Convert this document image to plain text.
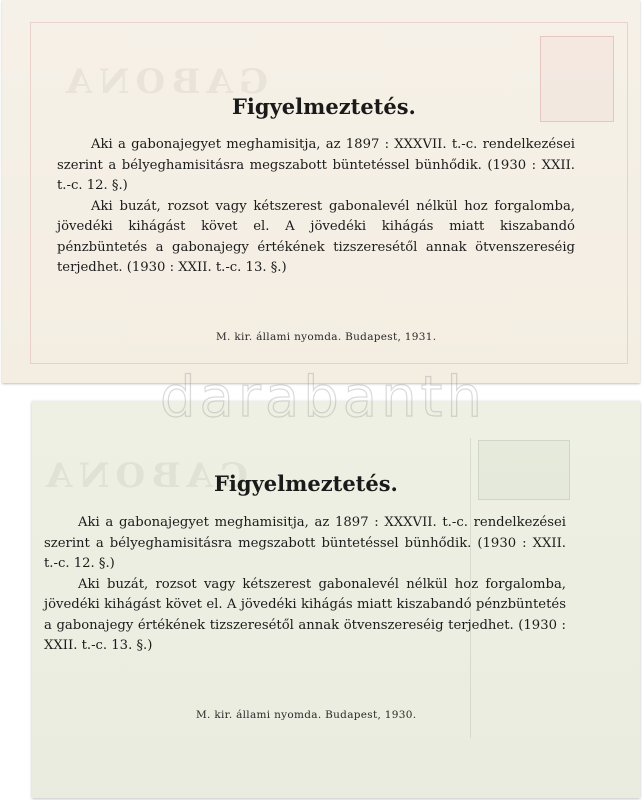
Figyelmeztetés.

Aki a gabonajegyet meghamisitja, az 1897 : XXXVII. t.-c. rendelkezései szerint a bélyeghamisitásra megszabott büntetéssel bünhődik. (1930 : XXII. t.-c. 12. §.)

Aki buzát, rozsot vagy kétszerest gabonalevél nélkül hoz forgalomba, jövedéki kihágást követ el. A jövedéki kihágás miatt kiszabandó pénzbüntetés a gabonajegy értékének tizszeresétől annak ötvenszereséig terjedhet. (1930 : XXII. t.-c. 13. §.)

M. kir. állami nyomda. Budapest, 1931.
Figyelmeztetés.

Aki a gabonajegyet meghamisitja, az 1897 : XXXVII. t.-c. rendelkezései szerint a bélyeghamisitásra megszabott büntetéssel bünhődik. (1930 : XXII. t.-c. 12. §.)

Aki buzát, rozsot vagy kétszerest gabonalevél nélkül hoz forgalomba, jövedéki kihágást követ el. A jövedéki kihágás miatt kiszabandó pénzbüntetés a gabonajegy értékének tizszeresétől annak ötvenszereséig terjedhet. (1930 : XXII. t.-c. 13. §.)

M. kir. állami nyomda. Budapest, 1930.
darabanth
